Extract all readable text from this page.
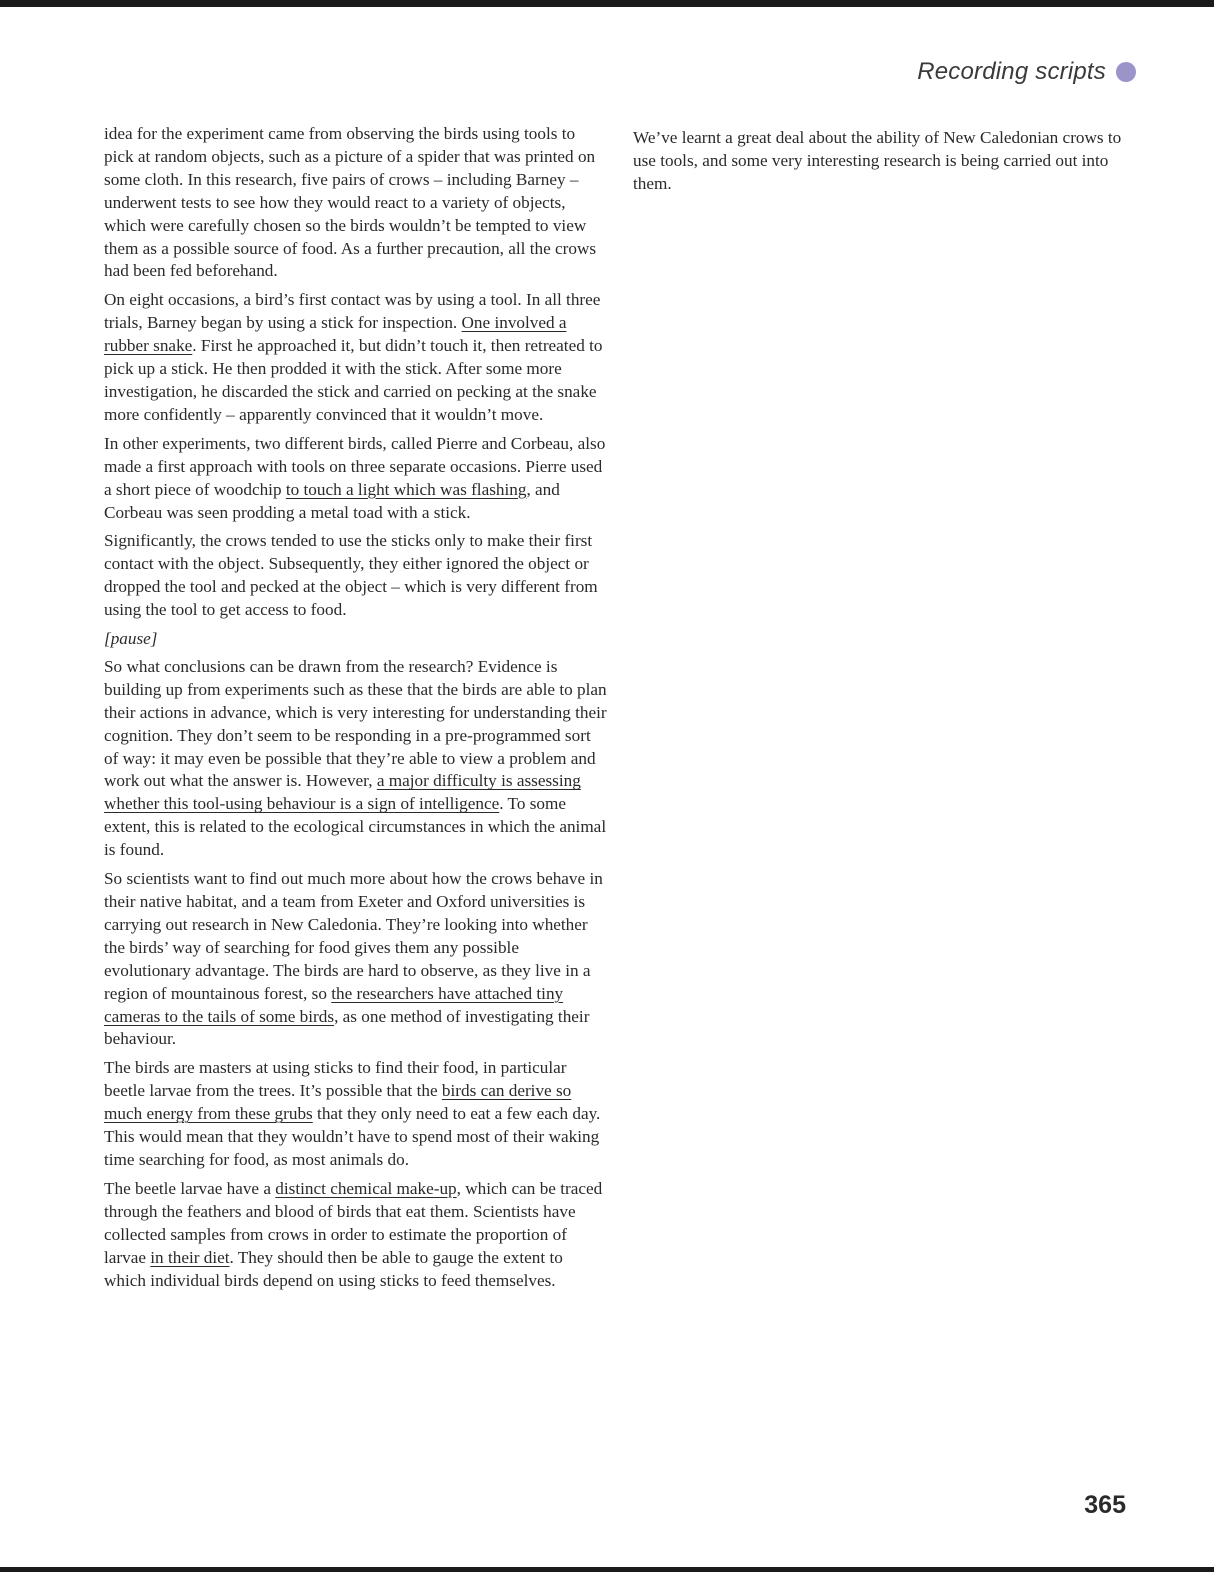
Recording scripts

idea for the experiment came from observing the birds using tools to pick at random objects, such as a picture of a spider that was printed on some cloth. In this research, five pairs of crows – including Barney – underwent tests to see how they would react to a variety of objects, which were carefully chosen so the birds wouldn’t be tempted to view them as a possible source of food. As a further precaution, all the crows had been fed beforehand.

On eight occasions, a bird’s first contact was by using a tool. In all three trials, Barney began by using a stick for inspection. One involved a rubber snake. First he approached it, but didn’t touch it, then retreated to pick up a stick. He then prodded it with the stick. After some more investigation, he discarded the stick and carried on pecking at the snake more confidently – apparently convinced that it wouldn’t move.

In other experiments, two different birds, called Pierre and Corbeau, also made a first approach with tools on three separate occasions. Pierre used a short piece of woodchip to touch a light which was flashing, and Corbeau was seen prodding a metal toad with a stick.

Significantly, the crows tended to use the sticks only to make their first contact with the object. Subsequently, they either ignored the object or dropped the tool and pecked at the object – which is very different from using the tool to get access to food.

[pause]

So what conclusions can be drawn from the research? Evidence is building up from experiments such as these that the birds are able to plan their actions in advance, which is very interesting for understanding their cognition. They don’t seem to be responding in a pre-programmed sort of way: it may even be possible that they’re able to view a problem and work out what the answer is. However, a major difficulty is assessing whether this tool-using behaviour is a sign of intelligence. To some extent, this is related to the ecological circumstances in which the animal is found.

So scientists want to find out much more about how the crows behave in their native habitat, and a team from Exeter and Oxford universities is carrying out research in New Caledonia. They’re looking into whether the birds’ way of searching for food gives them any possible evolutionary advantage. The birds are hard to observe, as they live in a region of mountainous forest, so the researchers have attached tiny cameras to the tails of some birds, as one method of investigating their behaviour.

The birds are masters at using sticks to find their food, in particular beetle larvae from the trees. It’s possible that the birds can derive so much energy from these grubs that they only need to eat a few each day. This would mean that they wouldn’t have to spend most of their waking time searching for food, as most animals do.

The beetle larvae have a distinct chemical make-up, which can be traced through the feathers and blood of birds that eat them. Scientists have collected samples from crows in order to estimate the proportion of larvae in their diet. They should then be able to gauge the extent to which individual birds depend on using sticks to feed themselves.

We’ve learnt a great deal about the ability of New Caledonian crows to use tools, and some very interesting research is being carried out into them.

365
